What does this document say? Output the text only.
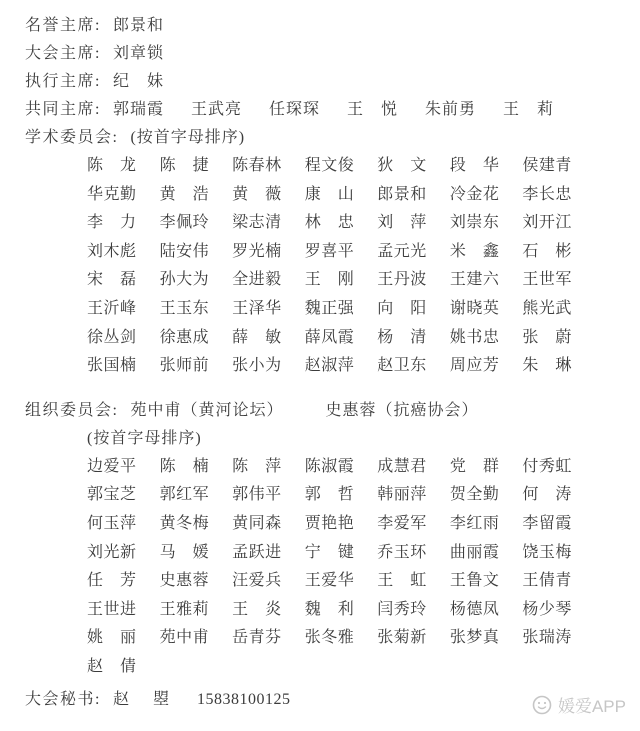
名誉主席: 郎景和
大会主席: 刘章锁
执行主席: 纪　妹
共同主席: 郭瑞霞 王武亮 任琛琛 王　悦 朱前勇 王　莉
学术委员会: (按首字母排序)
陈　龙	陈　捷	陈春林	程文俊	狄　文	段　华	侯建青
华克勤	黄　浩	黄　薇	康　山	郎景和	冷金花	李长忠
李　力	李佩玲	梁志清	林　忠	刘　萍	刘崇东	刘开江
刘木彪	陆安伟	罗光楠	罗喜平	孟元光	米　鑫	石　彬
宋　磊	孙大为	全进毅	王　刚	王丹波	王建六	王世军
王沂峰	王玉东	王泽华	魏正强	向　阳	谢晓英	熊光武
徐丛剑	徐惠成	薛　敏	薛凤霞	杨　清	姚书忠	张　蔚
张国楠	张师前	张小为	赵淑萍	赵卫东	周应芳	朱　琳
组织委员会: 苑中甫（黄河论坛）	史惠蓉（抗癌协会）
(按首字母排序)
边爱平	陈　楠	陈　萍	陈淑霞	成慧君	党　群	付秀虹
郭宝芝	郭红军	郭伟平	郭　哲	韩丽萍	贺全勤	何　涛
何玉萍	黄冬梅	黄同森	贾艳艳	李爱军	李红雨	李留霞
刘光新	马　媛	孟跃进	宁　键	乔玉环	曲丽霞	饶玉梅
任　芳	史惠蓉	汪爱兵	王爱华	王　虹	王鲁文	王倩青
王世进	王雅莉	王　炎	魏　利	闫秀玲	杨德凤	杨少琴
姚　丽	苑中甫	岳青芬	张冬雅	张菊新	张梦真	张瑞涛
赵　倩
大会秘书: 赵　曌 15838100125	媛爱APP
